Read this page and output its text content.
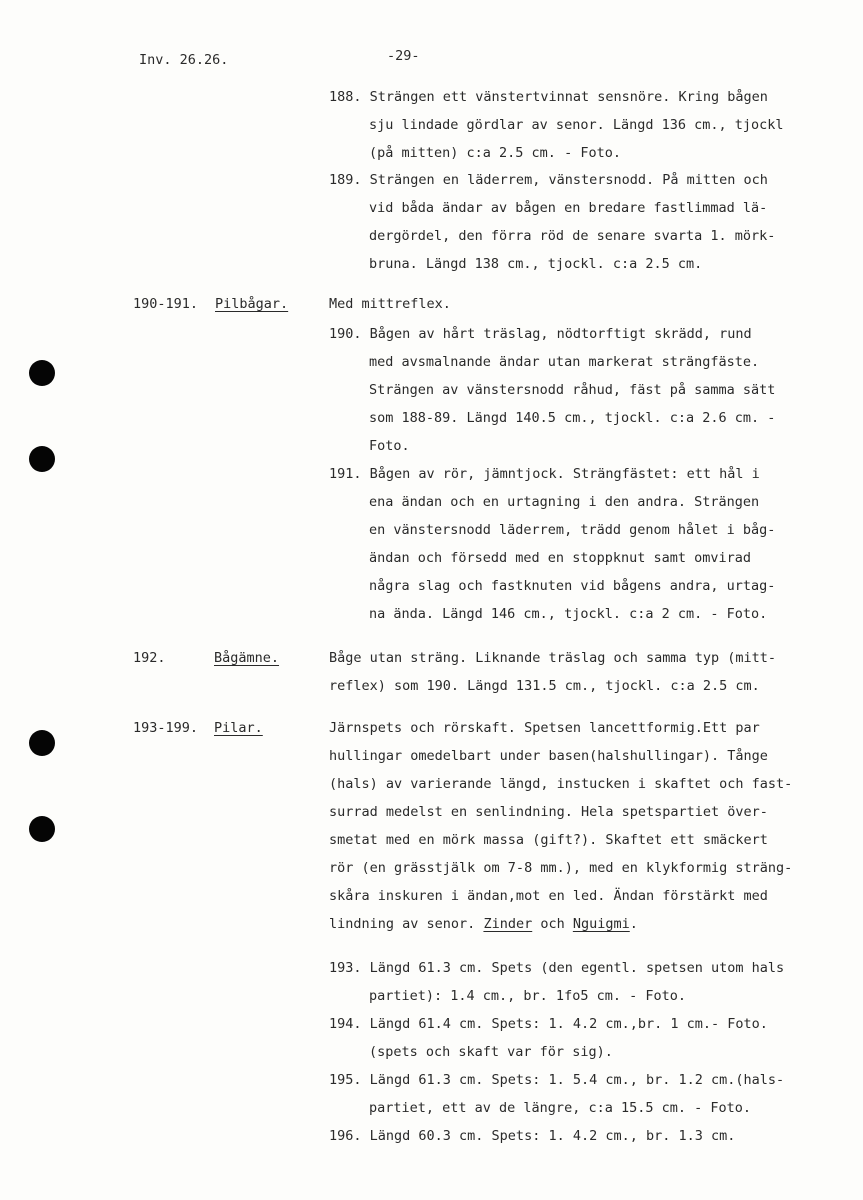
Inv. 26.26.	-29-
190-191. Pilbågar.
192.	Bågämne.
193-199. Pilar.
188. Strängen ett vänstertvinnat sensnöre. Kring bågen
sju lindade gördlar av senor. Längd 136 cm., tjockl
(på mitten) c:a 2.5 cm. - Foto.
189. Strängen en läderrem, vänstersnodd. På mitten och
vid båda ändar av bågen en bredare fastlimmad lä-
dergördel, den förra röd de senare svarta 1. mörk-
bruna. Längd 138 cm., tjockl. c:a 2.5 cm.
Med mittreflex.
190. Bågen av hårt träslag, nödtorftigt skrädd, rund
med avsmalnande ändar utan markerat strängfäste.
Strängen av vänstersnodd råhud, fäst på samma sätt
som 188-89. Längd 140.5 cm., tjockl. c:a 2.6 cm. -
Foto.
191. Bågen av rör, jämntjock. Strängfästet: ett hål i
ena ändan och en urtagning i den andra. Strängen
en vänstersnodd läderrem, trädd genom hålet i båg-
ändan och försedd med en stoppknut samt omvirad
några slag och fastknuten vid bågens andra, urtag-
na ända. Längd 146 cm., tjockl. c:a 2 cm. - Foto.
Båge utan sträng. Liknande träslag och samma typ (mitt-
reflex) som 190. Längd 131.5 cm., tjockl. c:a 2.5 cm.
Järnspets och rörskaft. Spetsen lancettformig.Ett par
hullingar omedelbart under basen(halshullingar). Tånge
(hals) av varierande längd, instucken i skaftet och fast-
surrad medelst en senlindning. Hela spetspartiet över-
smetat med en mörk massa (gift?). Skaftet ett smäckert
rör (en grässtjälk om 7-8 mm.), med en klykformig sträng-
skåra inskuren i ändan,mot en led. Ändan förstärkt med
lindning av senor. Zinder och Nguigmi.
193. Längd 61.3 cm. Spets (den egentl. spetsen utom hals
partiet): 1.4 cm., br. 1fo5 cm. - Foto.
194. Längd 61.4 cm. Spets: 1. 4.2 cm.,br. 1 cm.- Foto.
(spets och skaft var för sig).
195. Längd 61.3 cm. Spets: 1. 5.4 cm., br. 1.2 cm.(hals-
partiet, ett av de längre, c:a 15.5 cm. - Foto.
196. Längd 60.3 cm. Spets: 1. 4.2 cm., br. 1.3 cm.
